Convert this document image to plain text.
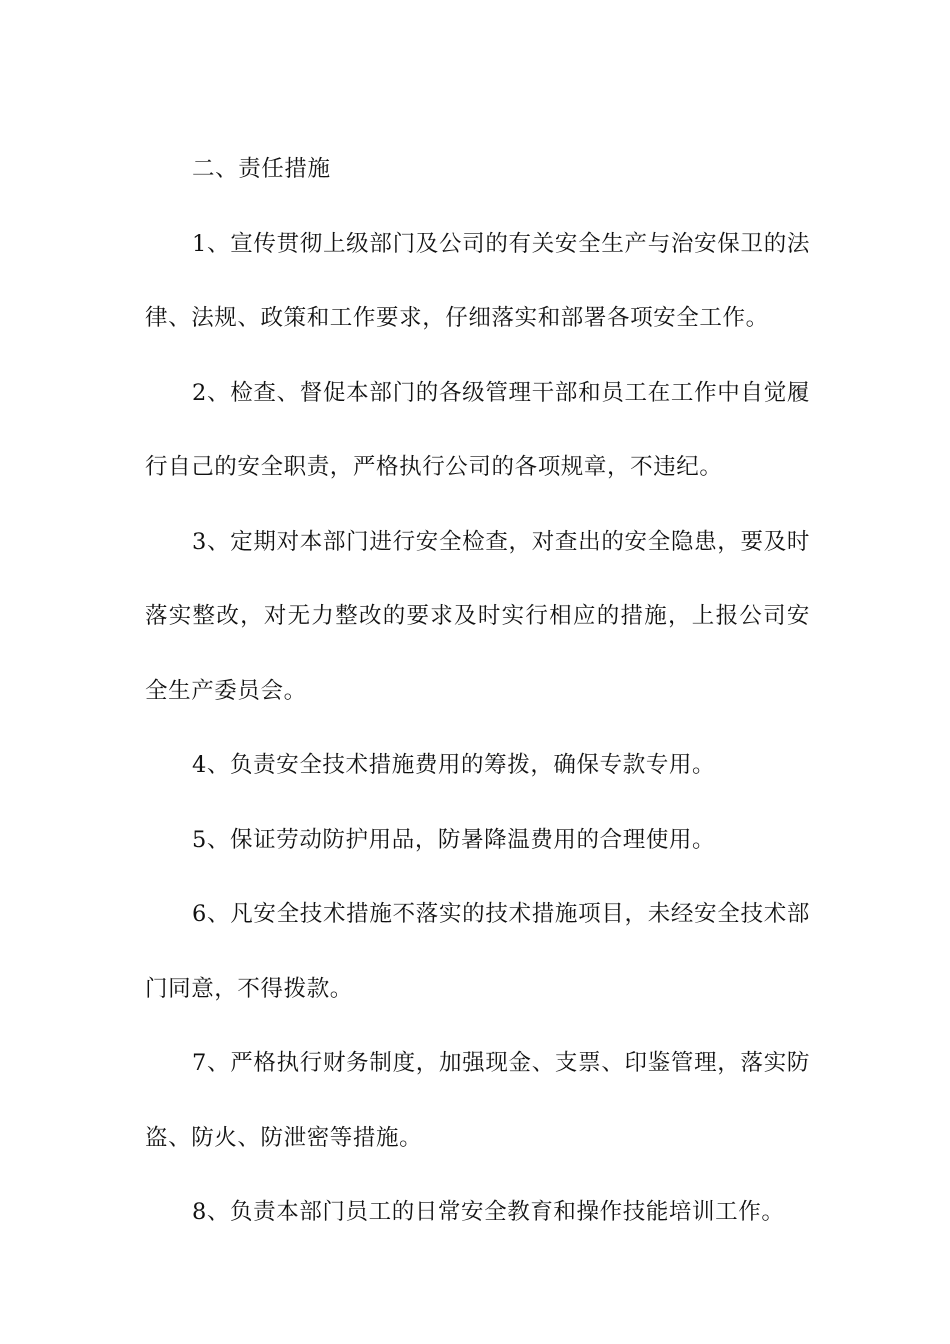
二、责任措施

1、宣传贯彻上级部门及公司的有关安全生产与治安保卫的法律、法规、政策和工作要求，仔细落实和部署各项安全工作。

2、检查、督促本部门的各级管理干部和员工在工作中自觉履行自己的安全职责，严格执行公司的各项规章，不违纪。

3、定期对本部门进行安全检查，对查出的安全隐患，要及时落实整改，对无力整改的要求及时实行相应的措施，上报公司安全生产委员会。

4、负责安全技术措施费用的筹拨，确保专款专用。

5、保证劳动防护用品，防暑降温费用的合理使用。

6、凡安全技术措施不落实的技术措施项目，未经安全技术部门同意，不得拨款。

7、严格执行财务制度，加强现金、支票、印鉴管理，落实防盗、防火、防泄密等措施。

8、负责本部门员工的日常安全教育和操作技能培训工作。
